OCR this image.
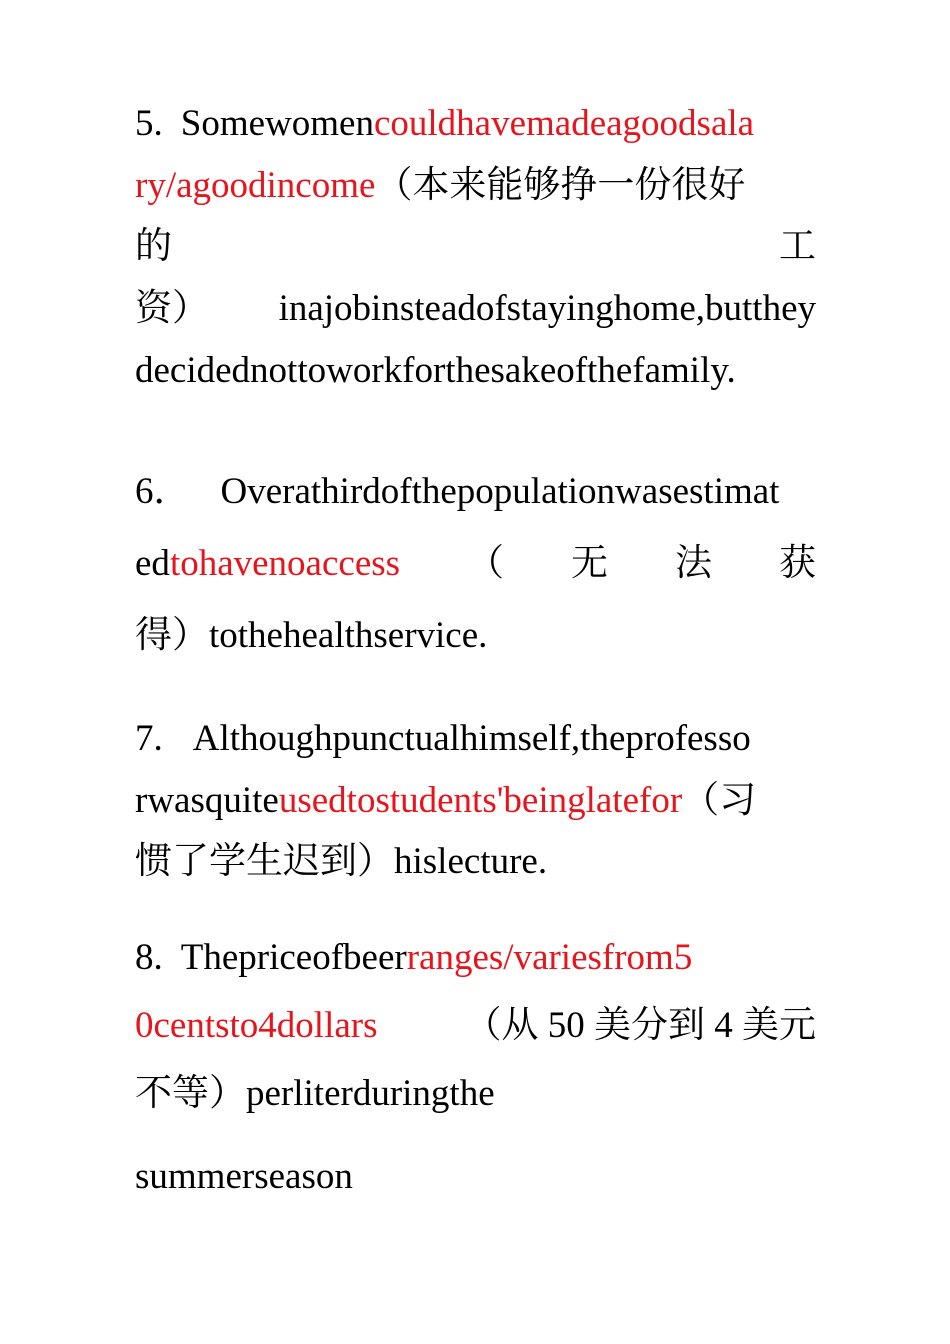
5. Somewomencouldhavemadeagoodsala
ry/agoodincome（本来能够挣一份很好
的	工
资） inajobinsteadofstayinghome,butthey
decidednottoworkforthesakeofthefamily.
6． Overathirdofthepopulationwasestimat
edtohavenoaccess （ 无 法 获
得）tothehealthservice.
7. Althoughpunctualhimself,theprofesso
rwasquiteusedtostudents'beinglatefor（习
惯了学生迟到）hislecture.
8. Thepriceofbeerranges/variesfrom5
0centsto4dollars （从 50 美分到 4 美元
不等）perliterduringthe
summerseason
